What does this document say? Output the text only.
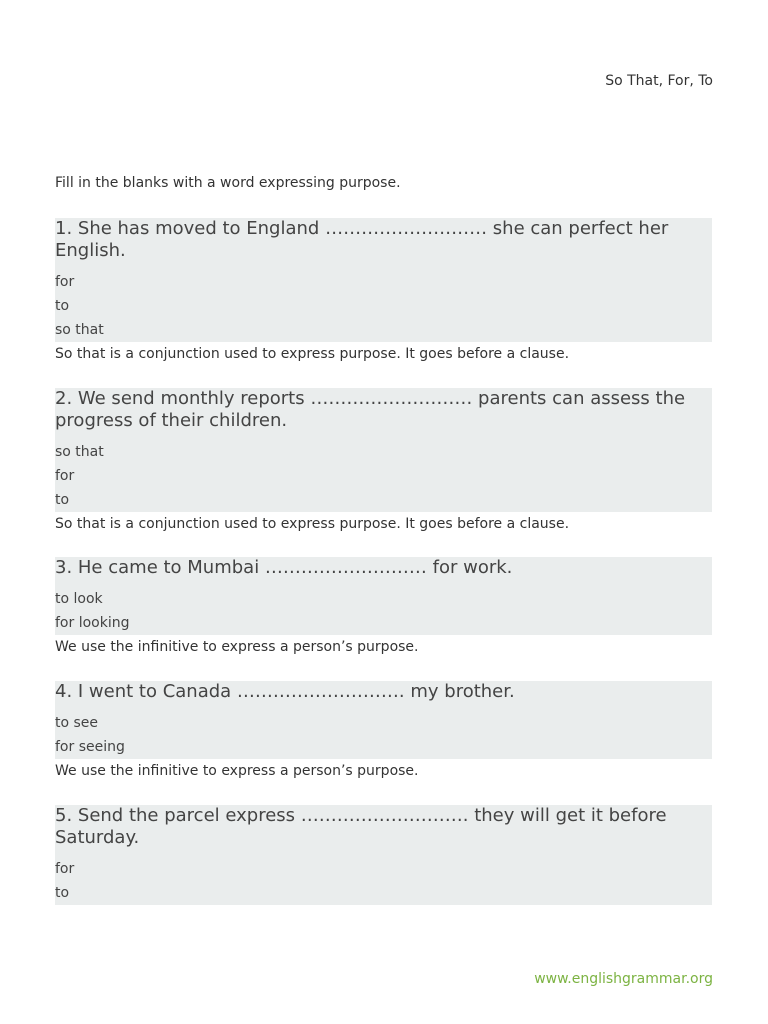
So That, For, To
Fill in the blanks with a word expressing purpose.
1. She has moved to England ……………………… she can perfect her English.
for
to
so that
So that is a conjunction used to express purpose. It goes before a clause.
2. We send monthly reports ……………………… parents can assess the progress of their children.
so that
for
to
So that is a conjunction used to express purpose. It goes before a clause.
3. He came to Mumbai ……………………… for work.
to look
for looking
We use the infinitive to express a person’s purpose.
4. I went to Canada ………………………. my brother.
to see
for seeing
We use the infinitive to express a person’s purpose.
5. Send the parcel express ………………………. they will get it before Saturday.
for
to
www.englishgrammar.org
